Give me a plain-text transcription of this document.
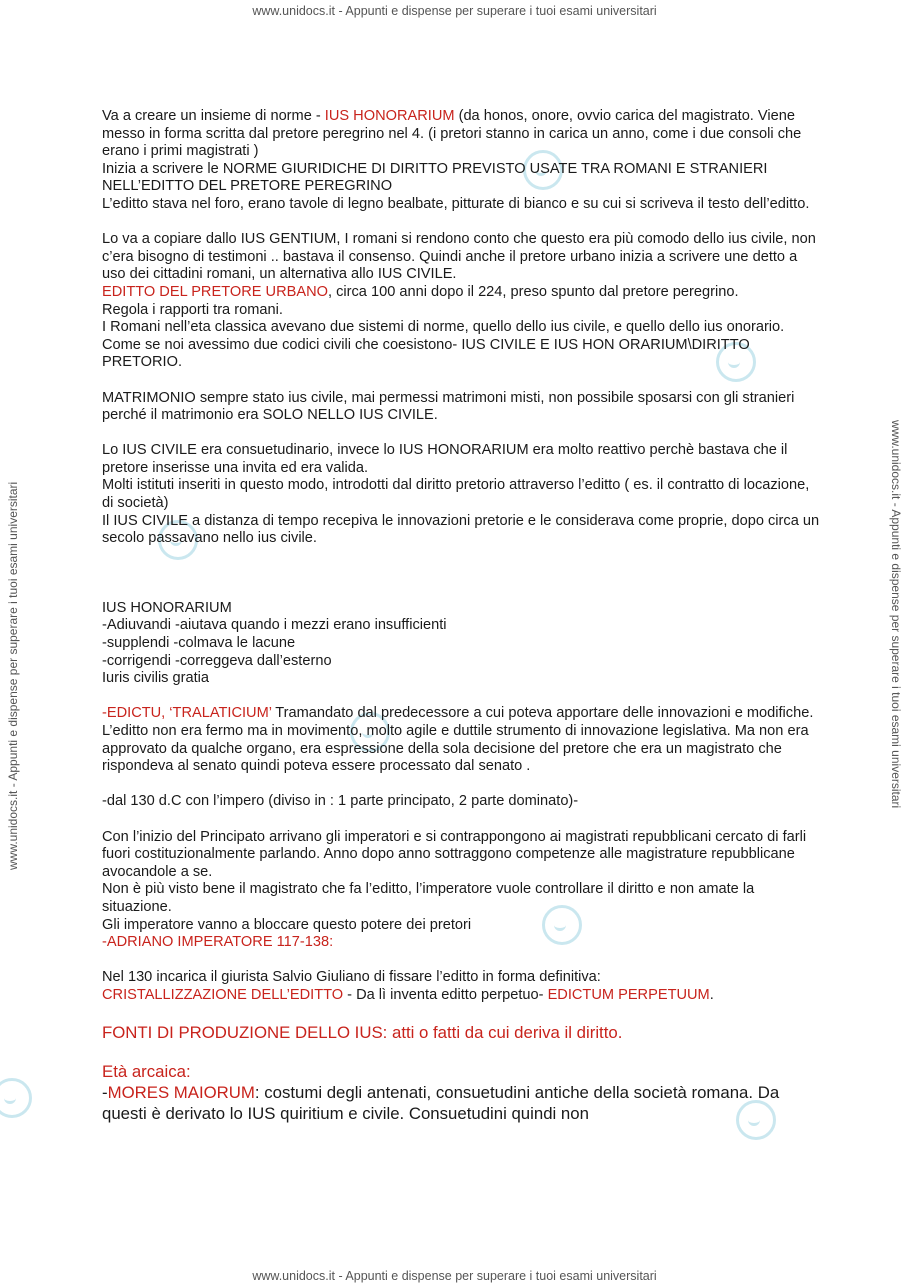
www.unidocs.it - Appunti e dispense per superare i tuoi esami universitari
www.unidocs.it - Appunti e dispense per superare i tuoi esami universitari	www.unidocs.it - Appunti e dispense per superare i tuoi esami universitari

Va a creare un insieme di norme - IUS HONORARIUM (da honos, onore, ovvio carica del magistrato. Viene messo in forma scritta dal pretore peregrino nel 4. (i pretori stanno in carica un anno, come i due consoli che erano i primi magistrati )

Inizia a scrivere le NORME GIURIDICHE DI DIRITTO PREVISTO USATE TRA ROMANI E STRANIERI NELL’EDITTO DEL PRETORE PEREGRINO

L’editto stava nel foro, erano tavole di legno bealbate, pitturate di bianco e su cui si scriveva il testo dell’editto.

Lo va a copiare dallo IUS GENTIUM, I romani si rendono conto che questo era più comodo dello ius civile, non c’era bisogno di testimoni .. bastava il consenso. Quindi anche il pretore urbano inizia a scrivere une detto a uso dei cittadini romani, un alternativa allo IUS CIVILE.

EDITTO DEL PRETORE URBANO, circa 100 anni dopo il 224, preso spunto dal pretore peregrino.

Regola i rapporti tra romani.

I Romani nell’eta classica avevano due sistemi di norme, quello dello ius civile, e quello dello ius onorario. Come se noi avessimo due codici civili che coesistono- IUS CIVILE E IUS HON ORARIUM\DIRITTO PRETORIO.

MATRIMONIO sempre stato ius civile, mai permessi matrimoni misti, non possibile sposarsi con gli stranieri perché il matrimonio era SOLO NELLO IUS CIVILE.

Lo IUS CIVILE era consuetudinario, invece lo IUS HONORARIUM era molto reattivo perchè bastava che il pretore inserisse una invita ed era valida.

Molti istituti inseriti in questo modo, introdotti dal diritto pretorio attraverso l’editto ( es. il contratto di locazione, di società)

Il IUS CIVILE a distanza di tempo recepiva le innovazioni pretorie e le considerava come proprie, dopo circa un secolo passavano nello ius civile.

IUS HONORARIUM

-Adiuvandi -aiutava quando i mezzi erano insufficienti

-supplendi -colmava le lacune

-corrigendi -correggeva dall’esterno

Iuris civilis gratia

-EDICTU, ‘TRALATICIUM’ Tramandato dal predecessore a cui poteva apportare delle innovazioni e modifiche. L’editto non era fermo ma in movimento, molto agile e duttile strumento di innovazione legislativa. Ma non era approvato da qualche organo, era espressione della sola decisione del pretore che era un magistrato che rispondeva al senato quindi poteva essere processato dal senato .

-dal 130 d.C con l’impero (diviso in : 1 parte principato, 2 parte dominato)-

Con l’inizio del Principato arrivano gli imperatori e si contrappongono ai magistrati repubblicani cercato di farli fuori costituzionalmente parlando. Anno dopo anno sottraggono competenze alle magistrature repubblicane avocandole a se.

Non è più visto bene il magistrato che fa l’editto, l’imperatore vuole controllare il diritto e non amate la situazione.

Gli imperatore vanno a bloccare questo potere dei pretori

-ADRIANO IMPERATORE 117-138:

Nel 130 incarica il giurista Salvio Giuliano di fissare l’editto in forma definitiva:

CRISTALLIZZAZIONE DELL’EDITTO - Da lì inventa editto perpetuo- EDICTUM PERPETUUM.

FONTI DI PRODUZIONE DELLO IUS: atti o fatti da cui deriva il diritto.

Età arcaica:

-MORES MAIORUM: costumi degli antenati, consuetudini antiche della società romana. Da questi è derivato lo IUS quiritium e civile. Consuetudini quindi non

www.unidocs.it - Appunti e dispense per superare i tuoi esami universitari
